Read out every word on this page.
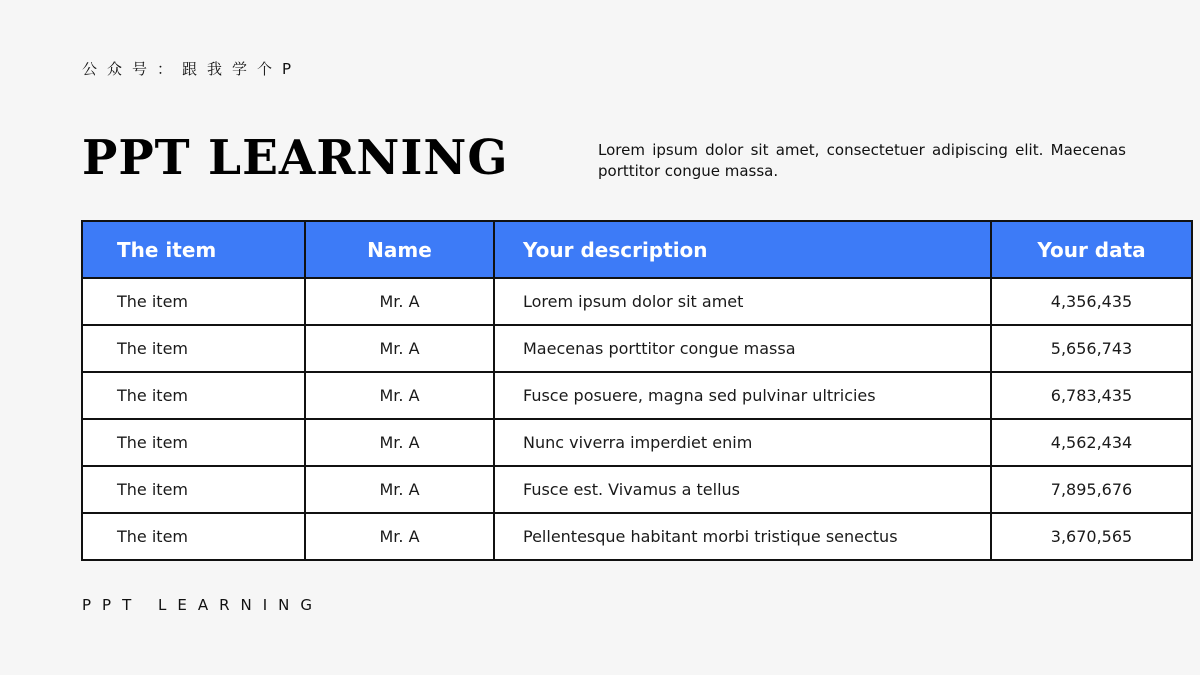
公众号：跟我学个P
PPT LEARNING	Lorem ipsum dolor sit amet, consectetuer adipiscing elit. Maecenas porttitor congue massa.
The item	Name	Your description	Your data
The item	Mr. A	Lorem ipsum dolor sit amet	4,356,435
The item	Mr. A	Maecenas porttitor congue massa	5,656,743
The item	Mr. A	Fusce posuere, magna sed pulvinar ultricies	6,783,435
The item	Mr. A	Nunc viverra imperdiet enim	4,562,434
The item	Mr. A	Fusce est. Vivamus a tellus	7,895,676
The item	Mr. A	Pellentesque habitant morbi tristique senectus	3,670,565
PPT LEARNING
